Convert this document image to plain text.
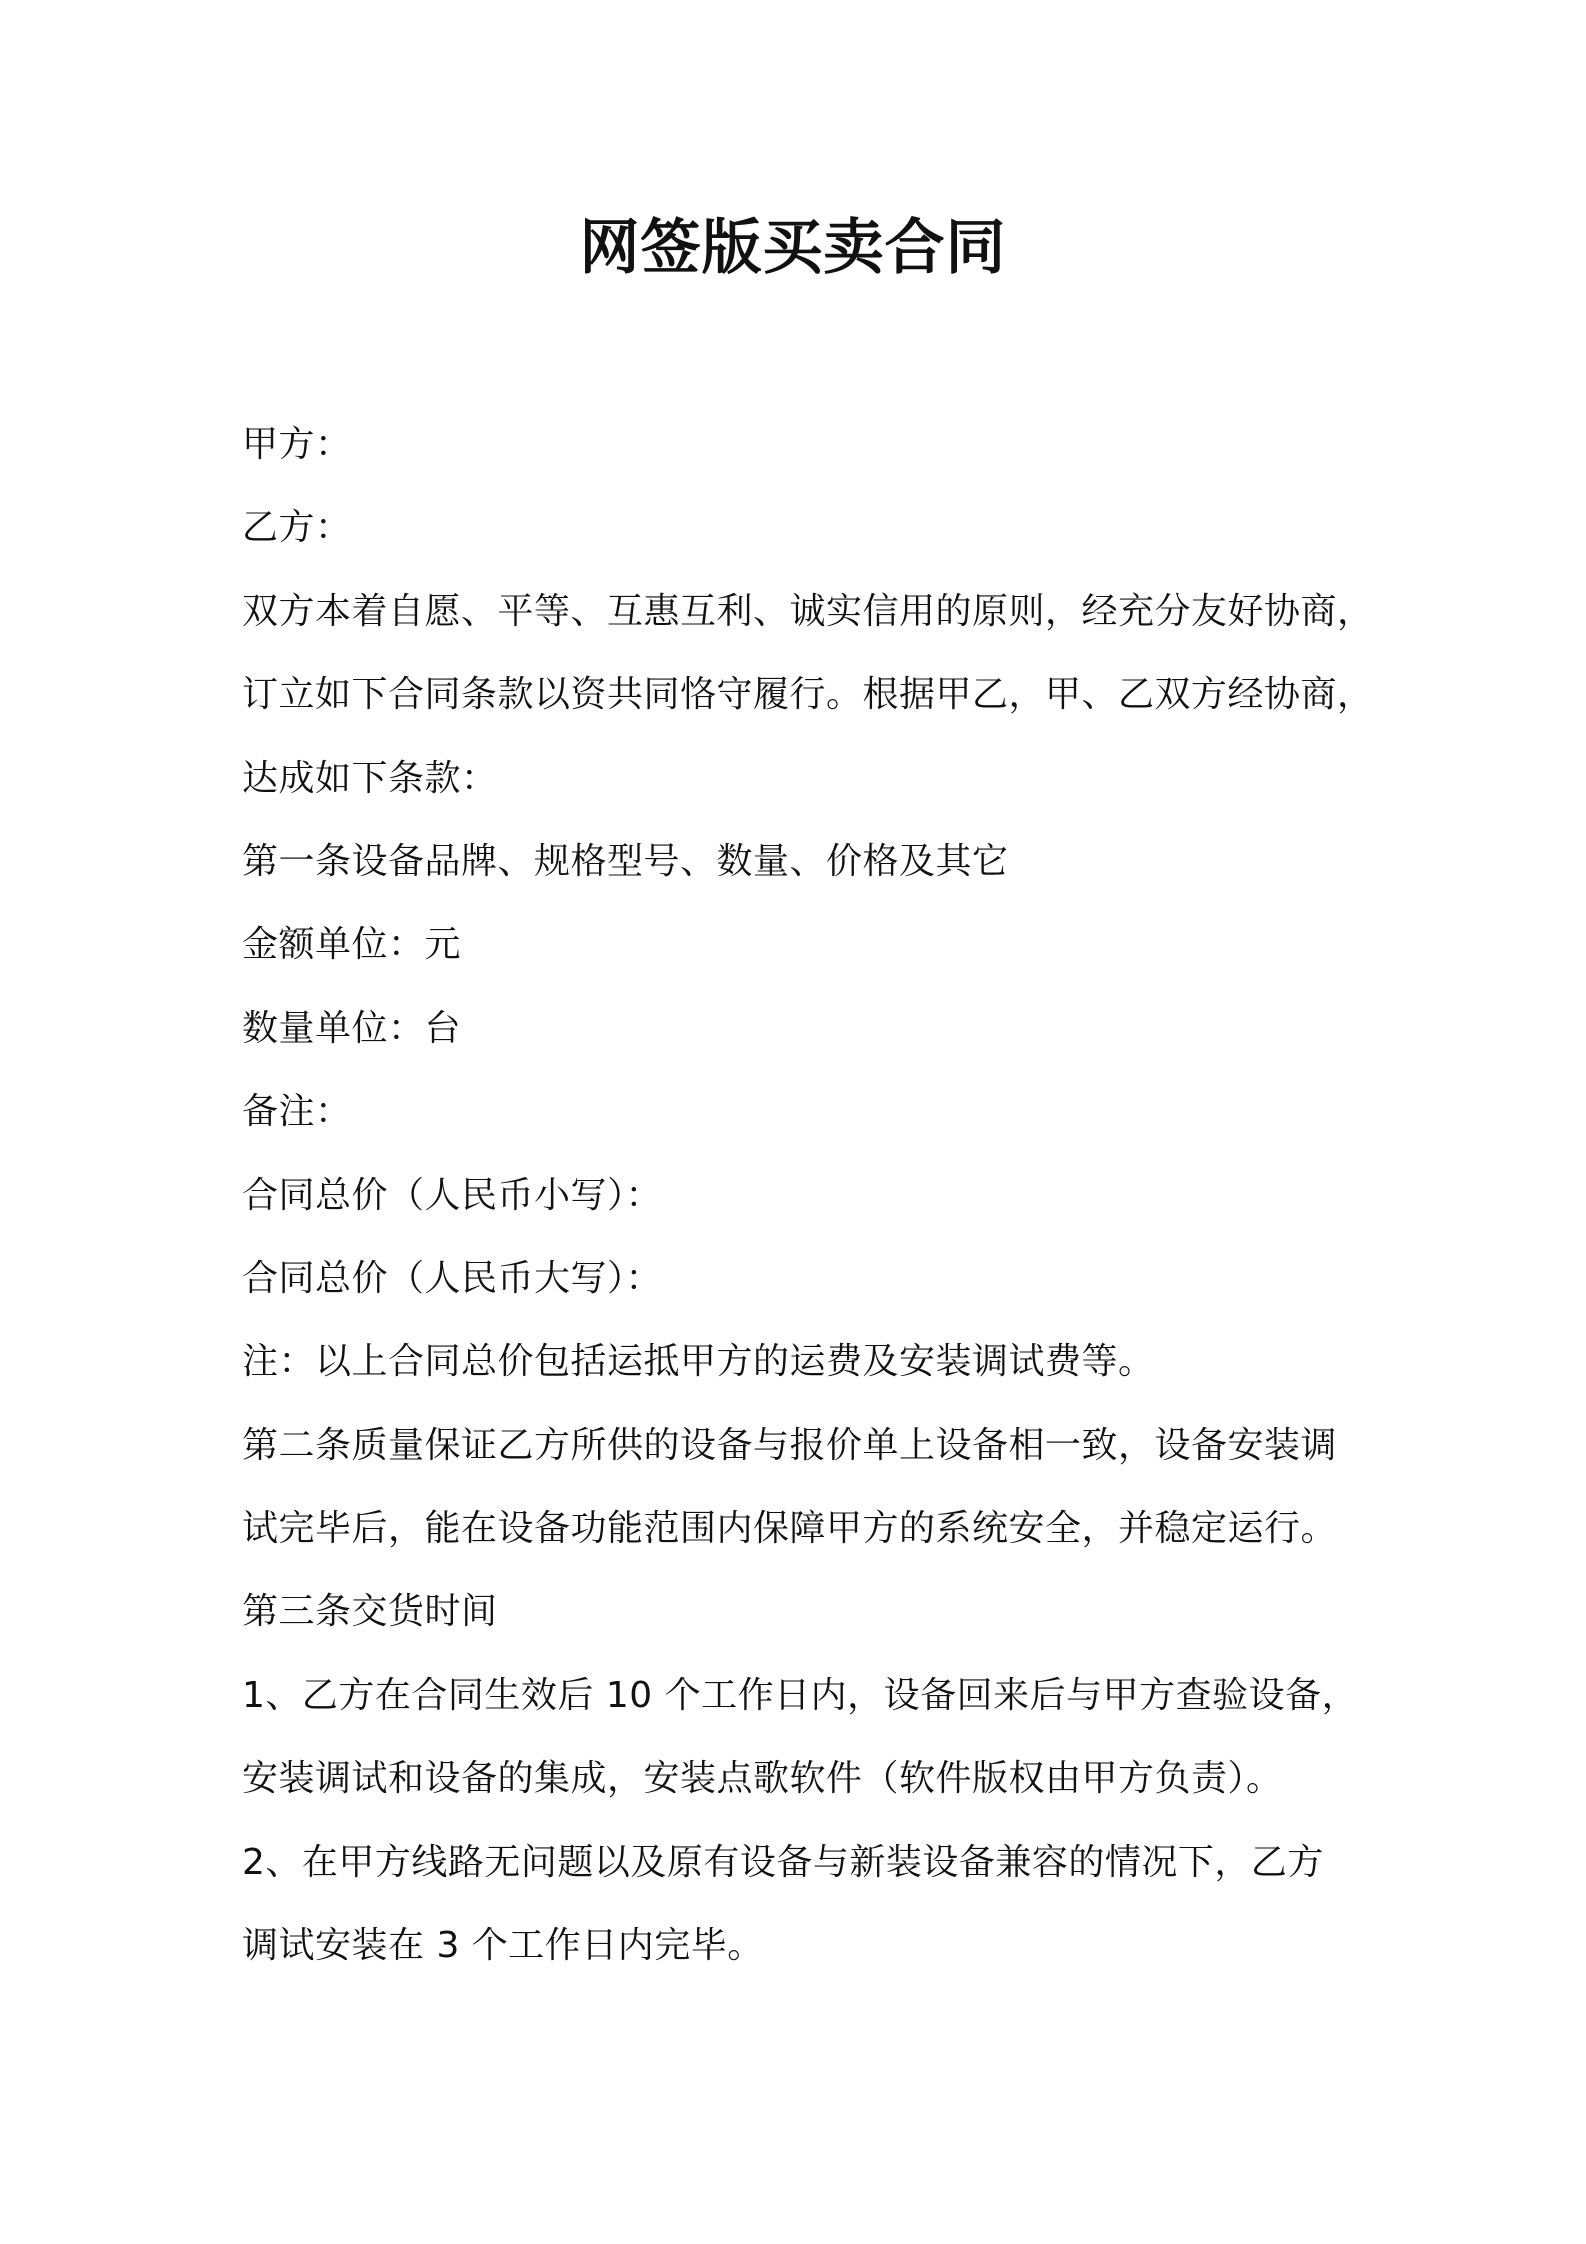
网签版买卖合同
甲方：
乙方：
双方本着自愿、平等、互惠互利、诚实信用的原则，经充分友好协商，
订立如下合同条款以资共同恪守履行。根据甲乙，甲、乙双方经协商，
达成如下条款：
第一条设备品牌、规格型号、数量、价格及其它
金额单位：元
数量单位：台
备注：
合同总价（人民币小写）：
合同总价（人民币大写）：
注：以上合同总价包括运抵甲方的运费及安装调试费等。
第二条质量保证乙方所供的设备与报价单上设备相一致，设备安装调
试完毕后，能在设备功能范围内保障甲方的系统安全，并稳定运行。
第三条交货时间
1、乙方在合同生效后 10 个工作日内，设备回来后与甲方查验设备，
安装调试和设备的集成，安装点歌软件（软件版权由甲方负责）。
2、在甲方线路无问题以及原有设备与新装设备兼容的情况下，乙方
调试安装在 3 个工作日内完毕。
